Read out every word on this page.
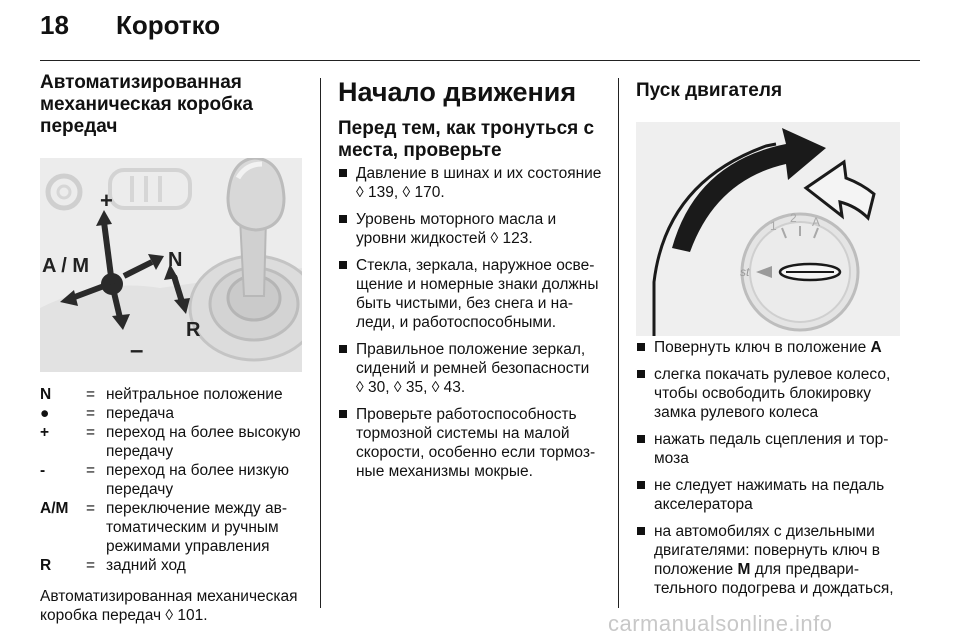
18	Коротко
Автоматизированная механическая коробка передач
+
A / M
–
N
R
N	= нейтральное положение
●	= передача
+	= переход на более высокую передачу
-	= переход на более низкую передачу
A/M	= переключение между автоматическим и ручным режимами управления
R	= задний ход

Автоматизированная механическая коробка передач ◊ 101.

Начало движения
Перед тем, как тронуться с места, проверьте
Давление в шинах и их состояние ◊ 139, ◊ 170.
Уровень моторного масла и уровни жидкостей ◊ 123.
Стекла, зеркала, наружное освещение и номерные знаки должны быть чистыми, без снега и наледи, и работоспособными.
Правильное положение зеркал, сидений и ремней безопасности ◊ 30, ◊ 35, ◊ 43.
Проверьте работоспособность тормозной системы на малой скорости, особенно если тормозные механизмы мокрые.
Пуск двигателя
st
1
2 A
Повернуть ключ в положение A
слегка покачать рулевое колесо, чтобы освободить блокировку замка рулевого колеса
нажать педаль сцепления и тормоза
не следует нажимать на педаль акселератора
на автомобилях с дизельными двигателями: повернуть ключ в положение M для предварительного подогрева и дождаться,
carmanualsonline.info
